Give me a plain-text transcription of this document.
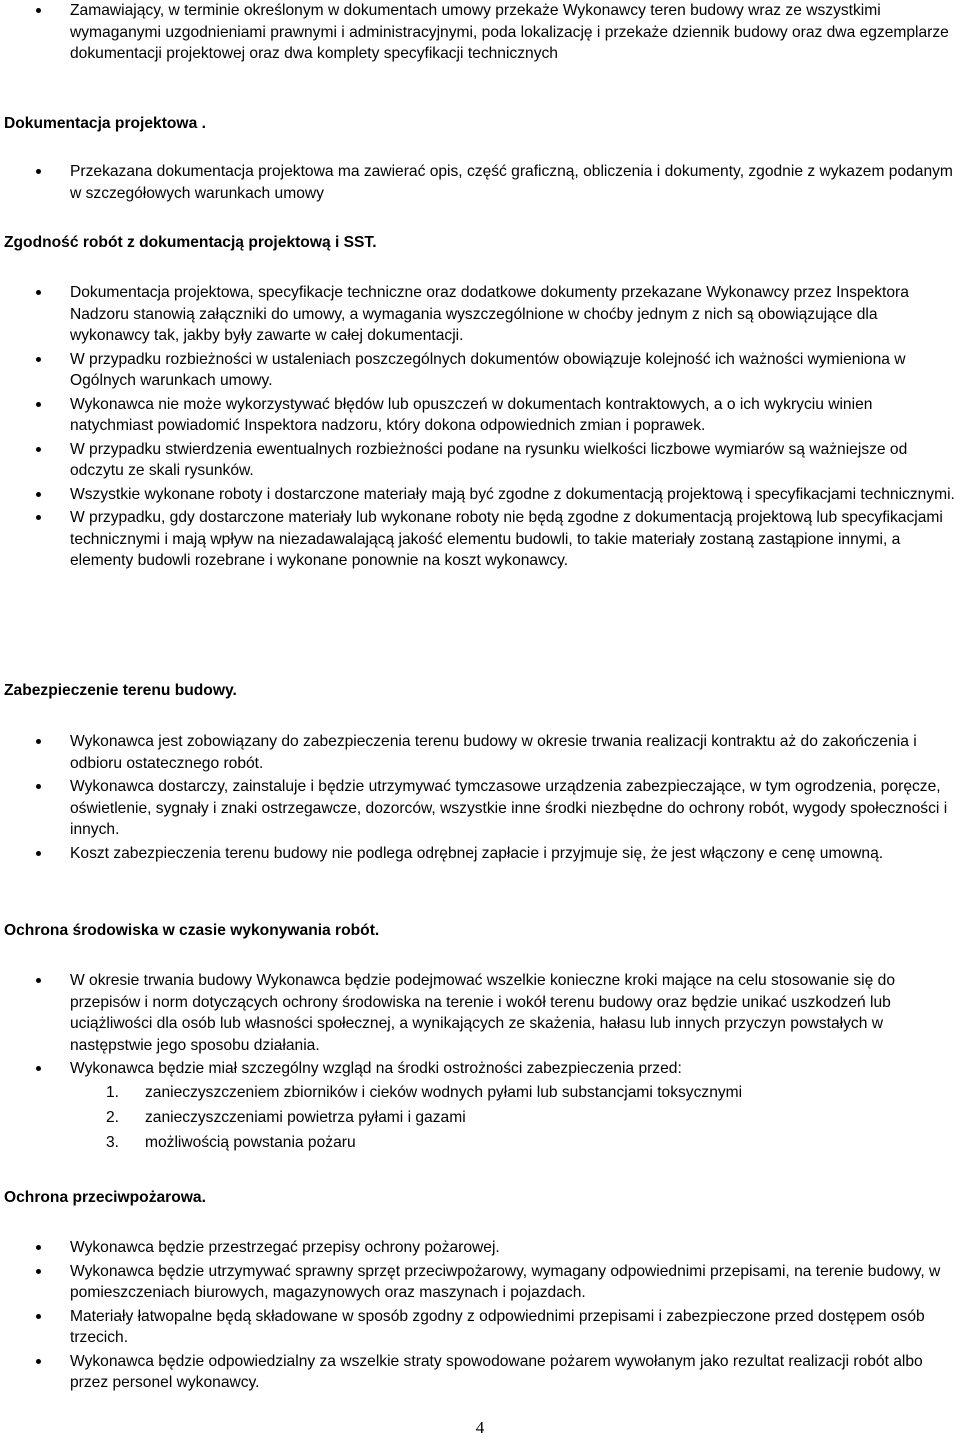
Zamawiający, w terminie określonym w dokumentach umowy przekaże Wykonawcy teren budowy wraz ze wszystkimi wymaganymi uzgodnieniami prawnymi i administracyjnymi, poda lokalizację i przekaże dziennik budowy oraz dwa egzemplarze dokumentacji projektowej oraz dwa komplety specyfikacji technicznych
Dokumentacja projektowa .
Przekazana dokumentacja projektowa ma zawierać opis, część graficzną, obliczenia i dokumenty, zgodnie z wykazem podanym w szczegółowych warunkach umowy
Zgodność robót z dokumentacją projektową i SST.
Dokumentacja projektowa, specyfikacje techniczne oraz dodatkowe dokumenty przekazane Wykonawcy przez Inspektora Nadzoru stanowią załączniki do umowy, a wymagania wyszczególnione w choćby jednym z nich są obowiązujące dla wykonawcy tak, jakby były zawarte w całej dokumentacji.
W przypadku rozbieżności w ustaleniach poszczególnych dokumentów obowiązuje kolejność ich ważności wymieniona w Ogólnych warunkach umowy.
Wykonawca nie może wykorzystywać błędów lub opuszczeń w dokumentach kontraktowych, a o ich wykryciu winien natychmiast powiadomić Inspektora nadzoru, który dokona odpowiednich zmian i poprawek.
W przypadku stwierdzenia ewentualnych rozbieżności podane na rysunku wielkości liczbowe wymiarów są ważniejsze od odczytu ze skali rysunków.
Wszystkie wykonane roboty i dostarczone materiały mają być zgodne z dokumentacją projektową i specyfikacjami technicznymi.
W przypadku, gdy dostarczone materiały lub wykonane roboty nie będą zgodne z dokumentacją projektową lub specyfikacjami technicznymi i mają wpływ na niezadawalającą jakość elementu budowli, to takie materiały zostaną zastąpione innymi, a elementy budowli rozebrane i wykonane ponownie na koszt wykonawcy.
Zabezpieczenie terenu budowy.
Wykonawca jest zobowiązany do zabezpieczenia terenu budowy w okresie trwania realizacji kontraktu aż do zakończenia i odbioru ostatecznego robót.
Wykonawca dostarczy, zainstaluje i będzie utrzymywać tymczasowe urządzenia zabezpieczające, w tym ogrodzenia, poręcze, oświetlenie, sygnały i znaki ostrzegawcze, dozorców, wszystkie inne środki niezbędne do ochrony robót, wygody społeczności i innych.
Koszt zabezpieczenia terenu budowy nie podlega odrębnej zapłacie i przyjmuje się, że jest włączony e cenę umowną.
Ochrona środowiska w czasie wykonywania robót.
W okresie trwania budowy Wykonawca będzie podejmować wszelkie konieczne kroki mające na celu stosowanie się do przepisów i norm dotyczących ochrony środowiska na terenie i wokół terenu budowy oraz będzie unikać uszkodzeń lub uciążliwości dla osób lub własności społecznej, a wynikających ze skażenia, hałasu lub innych przyczyn powstałych w następstwie jego sposobu działania.
Wykonawca będzie miał szczególny wzgląd na środki ostrożności zabezpieczenia przed:
1. zanieczyszczeniem zbiorników i cieków wodnych pyłami lub substancjami toksycznymi
2. zanieczyszczeniami powietrza pyłami i gazami
3. możliwością powstania pożaru
Ochrona przeciwpożarowa.
Wykonawca będzie przestrzegać przepisy ochrony pożarowej.
Wykonawca będzie utrzymywać sprawny sprzęt przeciwpożarowy, wymagany odpowiednimi przepisami, na terenie budowy, w pomieszczeniach biurowych, magazynowych oraz maszynach i pojazdach.
Materiały łatwopalne będą składowane w sposób zgodny z odpowiednimi przepisami i zabezpieczone przed dostępem osób trzecich.
Wykonawca będzie odpowiedzialny za wszelkie straty spowodowane pożarem wywołanym jako rezultat realizacji robót albo przez personel wykonawcy.
4
